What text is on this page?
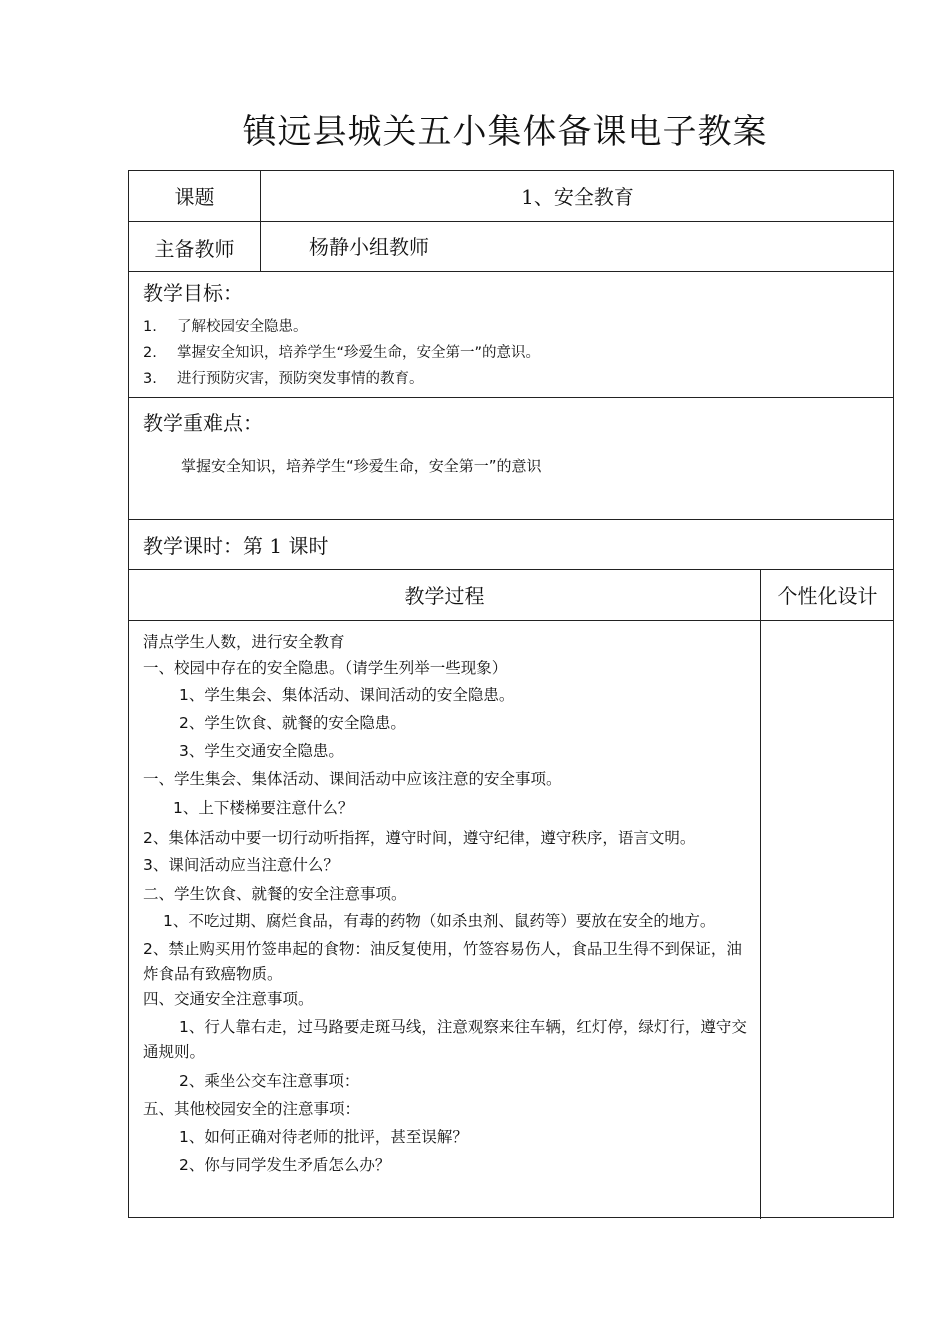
镇远县城关五小集体备课电子教案
课题	1、安全教育
主备教师	杨静小组教师
教学目标：
1. 了解校园安全隐患。
2. 掌握安全知识，培养学生“珍爱生命，安全第一”的意识。
3. 进行预防灾害，预防突发事情的教育。
教学重难点：
掌握安全知识，培养学生“珍爱生命，安全第一”的意识
教学课时：第 1 课时
教学过程	个性化设计

清点学生人数，进行安全教育

一、校园中存在的安全隐患。（请学生列举一些现象）

1、学生集会、集体活动、课间活动的安全隐患。

2、学生饮食、就餐的安全隐患。

3、学生交通安全隐患。

一、学生集会、集体活动、课间活动中应该注意的安全事项。

1、上下楼梯要注意什么？

2、集体活动中要一切行动听指挥，遵守时间，遵守纪律，遵守秩序，语言文明。

3、课间活动应当注意什么？

二、学生饮食、就餐的安全注意事项。

1、不吃过期、腐烂食品，有毒的药物（如杀虫剂、鼠药等）要放在安全的地方。

2、禁止购买用竹签串起的食物：油反复使用，竹签容易伤人，食品卫生得不到保证，油炸食品有致癌物质。

四、交通安全注意事项。

1、行人靠右走，过马路要走斑马线，注意观察来往车辆，红灯停，绿灯行，遵守交通规则。

2、乘坐公交车注意事项：

五、其他校园安全的注意事项：

1、如何正确对待老师的批评，甚至误解？

2、你与同学发生矛盾怎么办？
